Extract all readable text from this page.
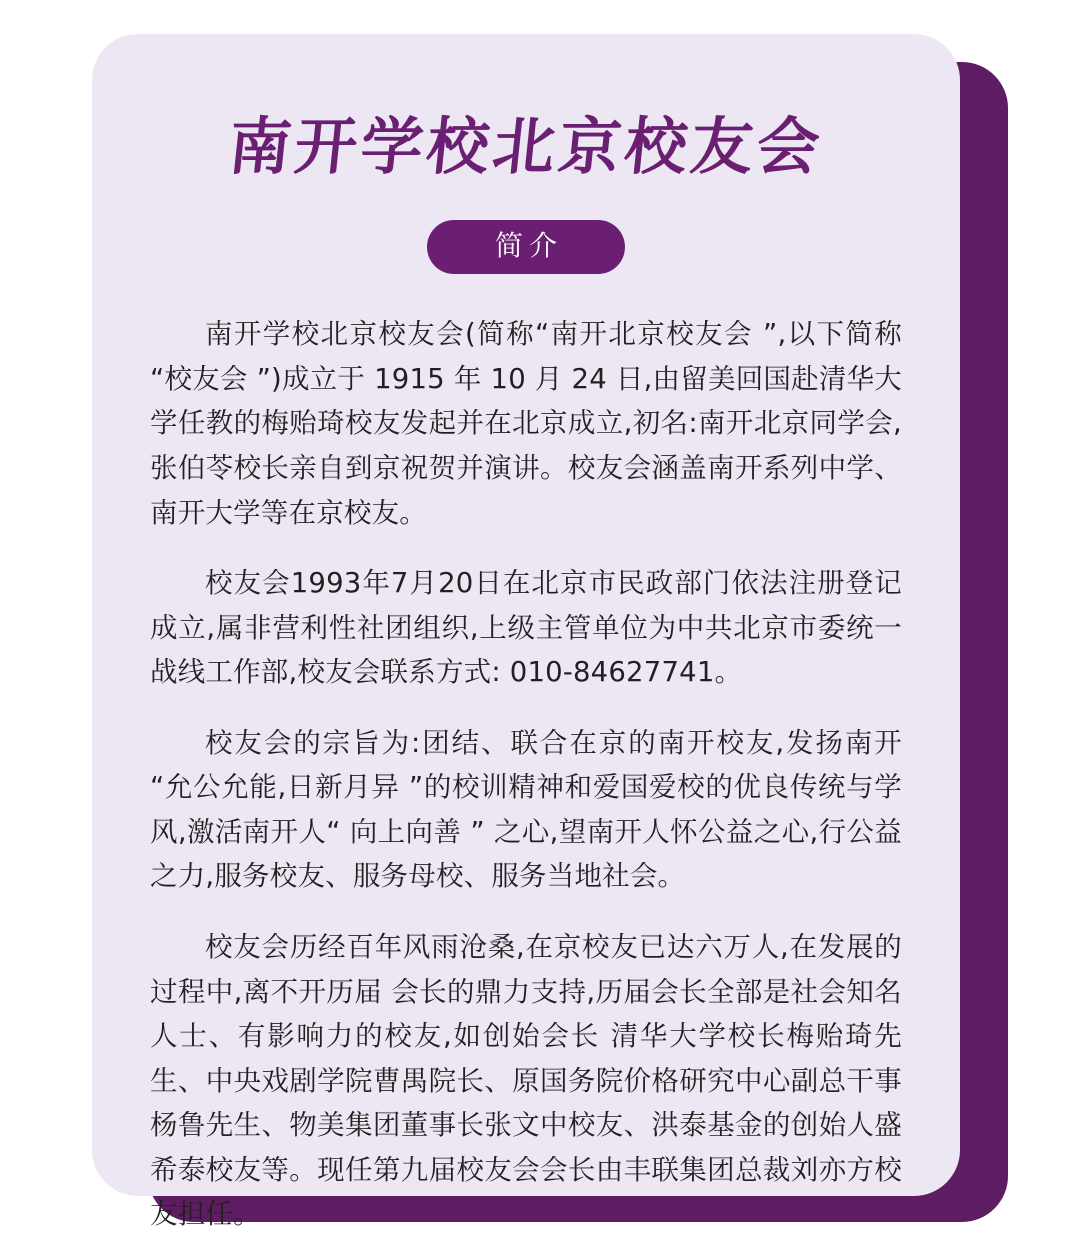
南开学校北京校友会
简介

南开学校北京校友会(简称“南开北京校友会 ”,以下简称“校友会 ”)成立于 1915 年 10 月 24 日,由留美回国赴清华大学任教的梅贻琦校友发起并在北京成立,初名:南开北京同学会,张伯苓校长亲自到京祝贺并演讲。校友会涵盖南开系列中学、南开大学等在京校友。

校友会1993年7月20日在北京市民政部门依法注册登记成立,属非营利性社团组织,上级主管单位为中共北京市委统一战线工作部,校友会联系方式: 010-84627741。

校友会的宗旨为:团结、联合在京的南开校友,发扬南开“允公允能,日新月异 ”的校训精神和爱国爱校的优良传统与学风,激活南开人“ 向上向善 ” 之心,望南开人怀公益之心,行公益之力,服务校友、服务母校、服务当地社会。

校友会历经百年风雨沧桑,在京校友已达六万人,在发展的过程中,离不开历届 会长的鼎力支持,历届会长全部是社会知名人士、有影响力的校友,如创始会长 清华大学校长梅贻琦先生、中央戏剧学院曹禺院长、原国务院价格研究中心副总干事杨鲁先生、物美集团董事长张文中校友、洪泰基金的创始人盛希泰校友等。现任第九届校友会会长由丰联集团总裁刘亦方校友担任。
